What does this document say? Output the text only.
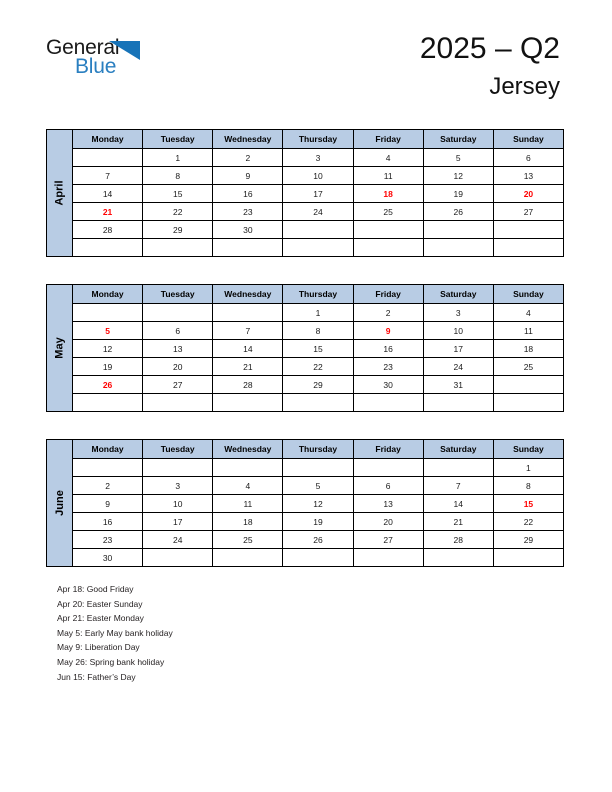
General
Blue
2025 – Q2
Jersey
April	Monday	Tuesday	Wednesday	Thursday	Friday	Saturday	Sunday
		1	2	3	4	5	6
	7	8	9	10	11	12	13
	14	15	16	17	18	19	20
	21	22	23	24	25	26	27
	28	29	30				

May	Monday	Tuesday	Wednesday	Thursday	Friday	Saturday	Sunday
				1	2	3	4
	5	6	7	8	9	10	11
	12	13	14	15	16	17	18
	19	20	21	22	23	24	25
	26	27	28	29	30	31	

June	Monday	Tuesday	Wednesday	Thursday	Friday	Saturday	Sunday
							1
	2	3	4	5	6	7	8
	9	10	11	12	13	14	15
	16	17	18	19	20	21	22
	23	24	25	26	27	28	29
	30						
Apr 18: Good Friday
Apr 20: Easter Sunday
Apr 21: Easter Monday
May 5: Early May bank holiday
May 9: Liberation Day
May 26: Spring bank holiday
Jun 15: Father’s Day
